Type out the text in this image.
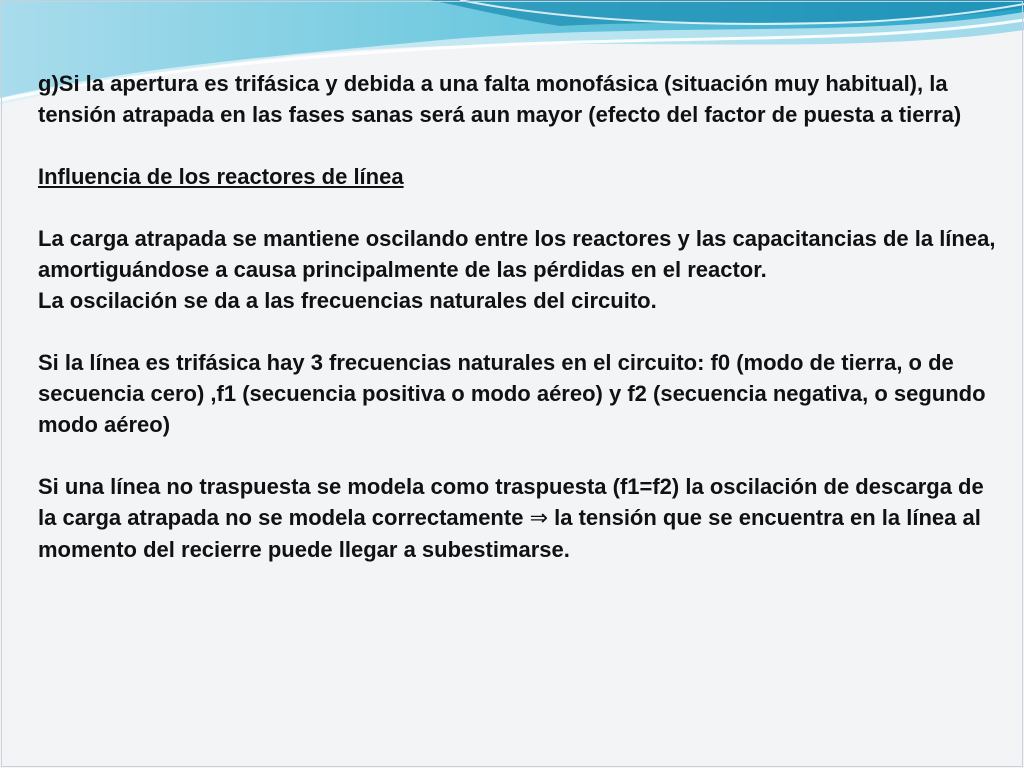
g)Si la apertura es trifásica y debida a una falta monofásica (situación muy habitual), la tensión atrapada en las fases sanas será aun mayor (efecto del factor de puesta a tierra)

Influencia de los reactores de línea

La carga atrapada se mantiene oscilando entre los reactores y las capacitancias de la línea, amortiguándose a causa principalmente de las pérdidas en el reactor.

La oscilación se da a las frecuencias naturales del circuito.

Si la línea es trifásica hay 3 frecuencias naturales en el circuito: f0 (modo de tierra, o de secuencia cero) ,f1 (secuencia positiva o modo aéreo) y f2 (secuencia negativa, o segundo modo aéreo)

Si una línea no traspuesta se modela como traspuesta (f1=f2) la oscilación de descarga de la carga atrapada no se modela correctamente ⇒ la tensión que se encuentra en la línea al momento del recierre puede llegar a subestimarse.
